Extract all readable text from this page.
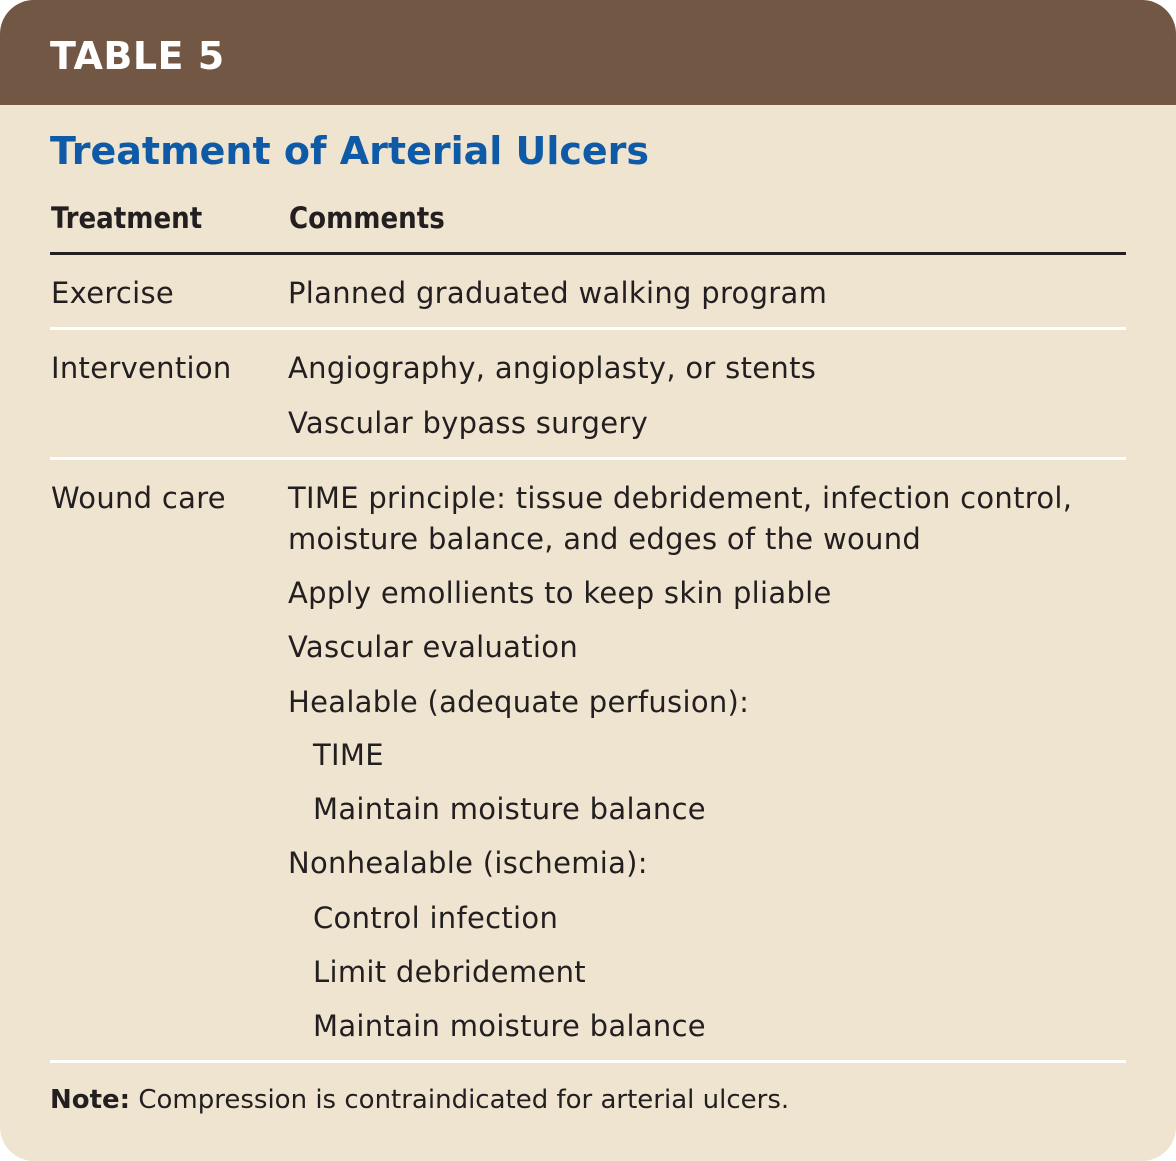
TABLE 5
Treatment of Arterial Ulcers
Treatment	Comments
Exercise	Planned graduated walking program
Intervention Angiography, angioplasty, or stents
Vascular bypass surgery
Wound care TIME principle: tissue debridement, infection control,
moisture balance, and edges of the wound
Apply emollients to keep skin pliable
Vascular evaluation
Healable (adequate perfusion):
TIME
Maintain moisture balance
Nonhealable (ischemia):
Control infection
Limit debridement
Maintain moisture balance
Note: Compression is contraindicated for arterial ulcers.
